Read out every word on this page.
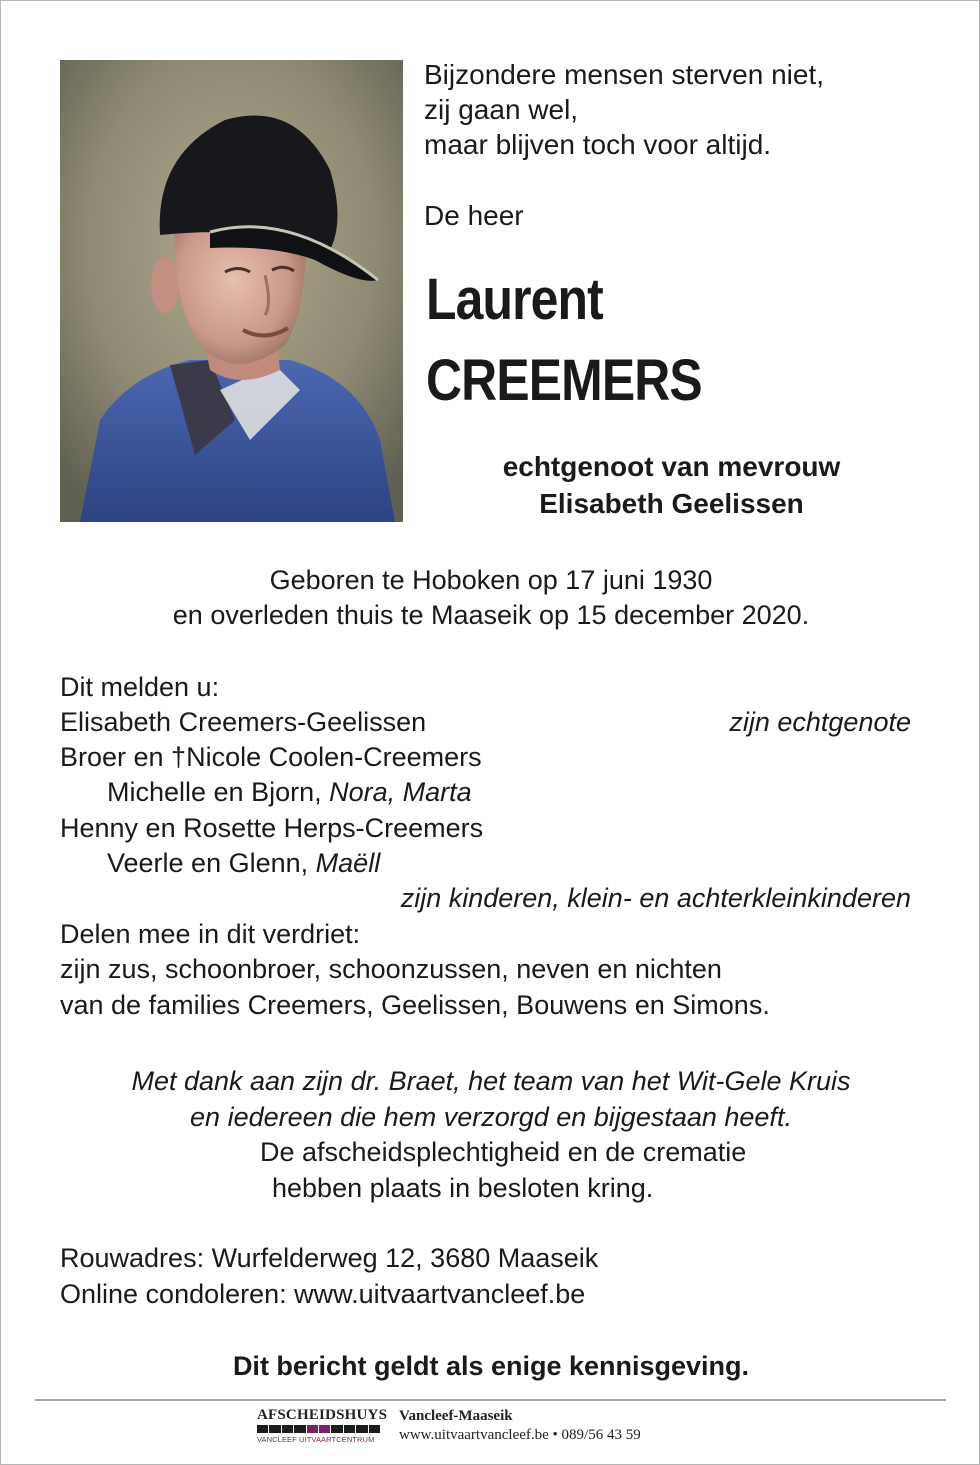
Bijzondere mensen sterven niet,
zij gaan wel,
maar blijven toch voor altijd.
De heer
Laurent
CREEMERS
echtgenoot van mevrouw
Elisabeth Geelissen
Geboren te Hoboken op 17 juni 1930
en overleden thuis te Maaseik op 15 december 2020.
Dit melden u:
Elisabeth Creemers-Geelissen	zijn echtgenote
Broer en †Nicole Coolen-Creemers
Michelle en Bjorn, Nora, Marta
Henny en Rosette Herps-Creemers
Veerle en Glenn, Maëll
zijn kinderen, klein- en achterkleinkinderen
Delen mee in dit verdriet:
zijn zus, schoonbroer, schoonzussen, neven en nichten
van de families Creemers, Geelissen, Bouwens en Simons.
Met dank aan zijn dr. Braet, het team van het Wit-Gele Kruis
en iedereen die hem verzorgd en bijgestaan heeft.
De afscheidsplechtigheid en de crematie
hebben plaats in besloten kring.
Rouwadres: Wurfelderweg 12, 3680 Maaseik
Online condoleren: www.uitvaartvancleef.be
Dit bericht geldt als enige kennisgeving.
AFSCHEIDSHUYS
VANCLEEF UITVAARTCENTRUM
Vancleef-Maaseik
www.uitvaartvancleef.be • 089/56 43 59
